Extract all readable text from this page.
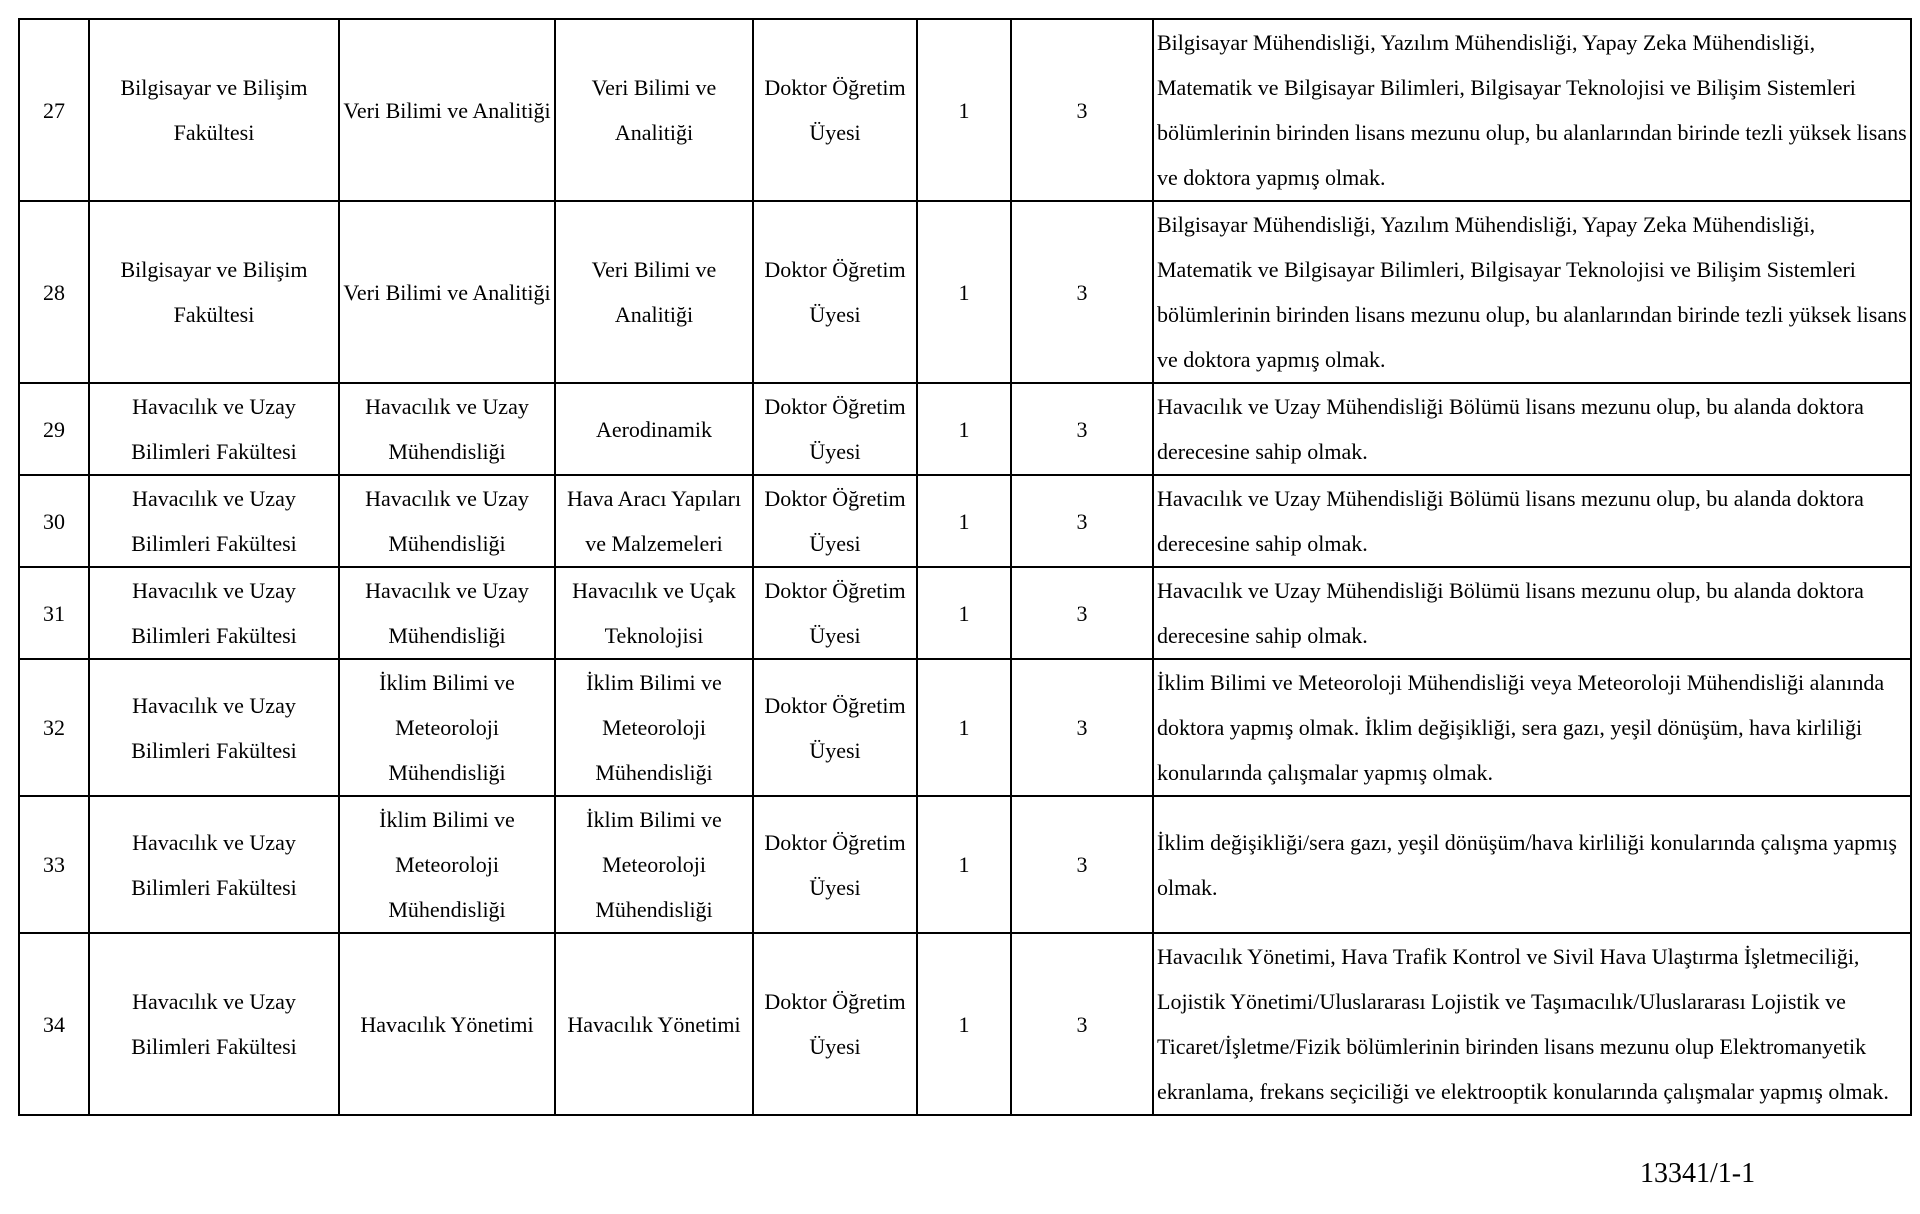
27	Bilgisayar ve Bilişim Fakültesi	Veri Bilimi ve Analitiği	Veri Bilimi ve Analitiği	Doktor Öğretim Üyesi	1	3	Bilgisayar Mühendisliği, Yazılım Mühendisliği, Yapay Zeka Mühendisliği, Matematik ve Bilgisayar Bilimleri, Bilgisayar Teknolojisi ve Bilişim Sistemleri bölümlerinin birinden lisans mezunu olup, bu alanlarından birinde tezli yüksek lisans ve doktora yapmış olmak.
28	Bilgisayar ve Bilişim Fakültesi	Veri Bilimi ve Analitiği	Veri Bilimi ve Analitiği	Doktor Öğretim Üyesi	1	3	Bilgisayar Mühendisliği, Yazılım Mühendisliği, Yapay Zeka Mühendisliği, Matematik ve Bilgisayar Bilimleri, Bilgisayar Teknolojisi ve Bilişim Sistemleri bölümlerinin birinden lisans mezunu olup, bu alanlarından birinde tezli yüksek lisans ve doktora yapmış olmak.
29	Havacılık ve Uzay Bilimleri Fakültesi	Havacılık ve Uzay Mühendisliği	Aerodinamik	Doktor Öğretim Üyesi	1	3	Havacılık ve Uzay Mühendisliği Bölümü lisans mezunu olup, bu alanda doktora derecesine sahip olmak.
30	Havacılık ve Uzay Bilimleri Fakültesi	Havacılık ve Uzay Mühendisliği	Hava Aracı Yapıları ve Malzemeleri	Doktor Öğretim Üyesi	1	3	Havacılık ve Uzay Mühendisliği Bölümü lisans mezunu olup, bu alanda doktora derecesine sahip olmak.
31	Havacılık ve Uzay Bilimleri Fakültesi	Havacılık ve Uzay Mühendisliği	Havacılık ve Uçak Teknolojisi	Doktor Öğretim Üyesi	1	3	Havacılık ve Uzay Mühendisliği Bölümü lisans mezunu olup, bu alanda doktora derecesine sahip olmak.
32	Havacılık ve Uzay Bilimleri Fakültesi	İklim Bilimi ve Meteoroloji Mühendisliği	İklim Bilimi ve Meteoroloji Mühendisliği	Doktor Öğretim Üyesi	1	3	İklim Bilimi ve Meteoroloji Mühendisliği veya Meteoroloji Mühendisliği alanında doktora yapmış olmak. İklim değişikliği, sera gazı, yeşil dönüşüm, hava kirliliği konularında çalışmalar yapmış olmak.
33	Havacılık ve Uzay Bilimleri Fakültesi	İklim Bilimi ve Meteoroloji Mühendisliği	İklim Bilimi ve Meteoroloji Mühendisliği	Doktor Öğretim Üyesi	1	3	İklim değişikliği/sera gazı, yeşil dönüşüm/hava kirliliği konularında çalışma yapmış olmak.
34	Havacılık ve Uzay Bilimleri Fakültesi	Havacılık Yönetimi	Havacılık Yönetimi	Doktor Öğretim Üyesi	1	3	Havacılık Yönetimi, Hava Trafik Kontrol ve Sivil Hava Ulaştırma İşletmeciliği, Lojistik Yönetimi/Uluslararası Lojistik ve Taşımacılık/Uluslararası Lojistik ve Ticaret/İşletme/Fizik bölümlerinin birinden lisans mezunu olup Elektromanyetik ekranlama, frekans seçiciliği ve elektrooptik konularında çalışmalar yapmış olmak.
13341/1-1
